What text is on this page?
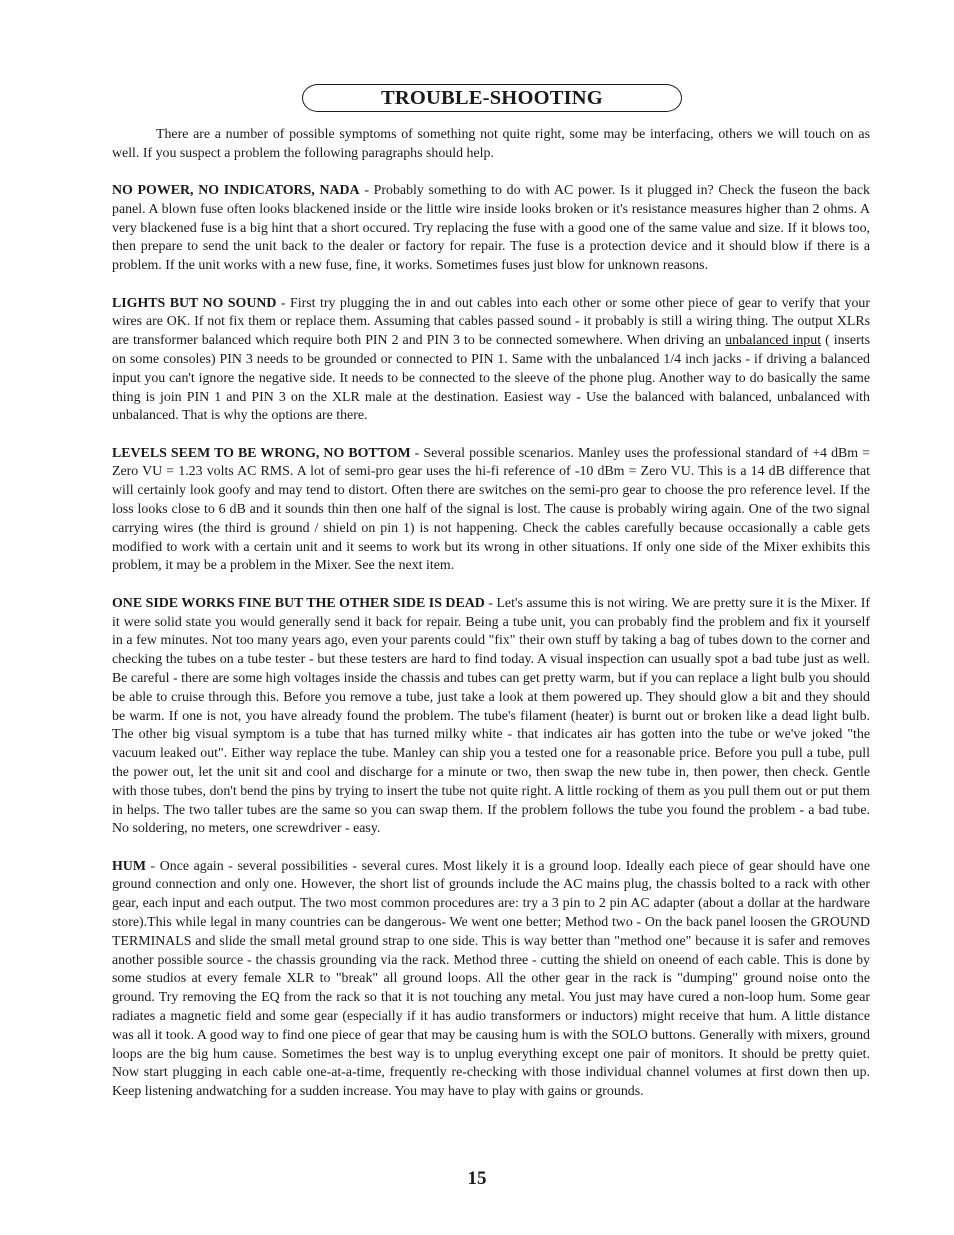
TROUBLE-SHOOTING

There are a number of possible symptoms of something not quite right, some may be interfacing, others we will touch on as well. If you suspect a problem the following paragraphs should help.

NO POWER, NO INDICATORS, NADA - Probably something to do with AC power. Is it plugged in? Check the fuseon the back panel. A blown fuse often looks blackened inside or the little wire inside looks broken or it's resistance measures higher than 2 ohms. A very blackened fuse is a big hint that a short occured. Try replacing the fuse with a good one of the same value and size. If it blows too, then prepare to send the unit back to the dealer or factory for repair. The fuse is a protection device and it should blow if there is a problem. If the unit works with a new fuse, fine, it works. Sometimes fuses just blow for unknown reasons.

LIGHTS BUT NO SOUND - First try plugging the in and out cables into each other or some other piece of gear to verify that your wires are OK. If not fix them or replace them. Assuming that cables passed sound - it probably is still a wiring thing. The output XLRs are transformer balanced which require both PIN 2 and PIN 3 to be connected somewhere. When driving an unbalanced input ( inserts on some consoles) PIN 3 needs to be grounded or connected to PIN 1. Same with the unbalanced 1/4 inch jacks - if driving a balanced input you can't ignore the negative side. It needs to be connected to the sleeve of the phone plug. Another way to do basically the same thing is join PIN 1 and PIN 3 on the XLR male at the destination. Easiest way - Use the balanced with balanced, unbalanced with unbalanced. That is why the options are there.

LEVELS SEEM TO BE WRONG, NO BOTTOM - Several possible scenarios. Manley uses the professional standard of +4 dBm = Zero VU = 1.23 volts AC RMS. A lot of semi-pro gear uses the hi-fi reference of -10 dBm = Zero VU. This is a 14 dB difference that will certainly look goofy and may tend to distort. Often there are switches on the semi-pro gear to choose the pro reference level. If the loss looks close to 6 dB and it sounds thin then one half of the signal is lost. The cause is probably wiring again. One of the two signal carrying wires (the third is ground / shield on pin 1) is not happening. Check the cables carefully because occasionally a cable gets modified to work with a certain unit and it seems to work but its wrong in other situations. If only one side of the Mixer exhibits this problem, it may be a problem in the Mixer. See the next item.

ONE SIDE WORKS FINE BUT THE OTHER SIDE IS DEAD - Let's assume this is not wiring. We are pretty sure it is the Mixer. If it were solid state you would generally send it back for repair. Being a tube unit, you can probably find the problem and fix it yourself in a few minutes. Not too many years ago, even your parents could "fix" their own stuff by taking a bag of tubes down to the corner and checking the tubes on a tube tester - but these testers are hard to find today. A visual inspection can usually spot a bad tube just as well. Be careful - there are some high voltages inside the chassis and tubes can get pretty warm, but if you can replace a light bulb you should be able to cruise through this. Before you remove a tube, just take a look at them powered up. They should glow a bit and they should be warm. If one is not, you have already found the problem. The tube's filament (heater) is burnt out or broken like a dead light bulb. The other big visual symptom is a tube that has turned milky white - that indicates air has gotten into the tube or we've joked "the vacuum leaked out". Either way replace the tube. Manley can ship you a tested one for a reasonable price. Before you pull a tube, pull the power out, let the unit sit and cool and discharge for a minute or two, then swap the new tube in, then power, then check. Gentle with those tubes, don't bend the pins by trying to insert the tube not quite right. A little rocking of them as you pull them out or put them in helps. The two taller tubes are the same so you can swap them. If the problem follows the tube you found the problem - a bad tube. No soldering, no meters, one screwdriver - easy.

HUM - Once again - several possibilities - several cures. Most likely it is a ground loop. Ideally each piece of gear should have one ground connection and only one. However, the short list of grounds include the AC mains plug, the chassis bolted to a rack with other gear, each input and each output. The two most common procedures are: try a 3 pin to 2 pin AC adapter (about a dollar at the hardware store).This while legal in many countries can be dangerous- We went one better; Method two - On the back panel loosen the GROUND TERMINALS and slide the small metal ground strap to one side. This is way better than "method one" because it is safer and removes another possible source - the chassis grounding via the rack. Method three - cutting the shield on oneend of each cable. This is done by some studios at every female XLR to "break" all ground loops. All the other gear in the rack is "dumping" ground noise onto the ground. Try removing the EQ from the rack so that it is not touching any metal. You just may have cured a non-loop hum. Some gear radiates a magnetic field and some gear (especially if it has audio transformers or inductors) might receive that hum. A little distance was all it took. A good way to find one piece of gear that may be causing hum is with the SOLO buttons. Generally with mixers, ground loops are the big hum cause. Sometimes the best way is to unplug everything except one pair of monitors. It should be pretty quiet. Now start plugging in each cable one-at-a-time, frequently re-checking with those individual channel volumes at first down then up. Keep listening andwatching for a sudden increase. You may have to play with gains or grounds.

15
